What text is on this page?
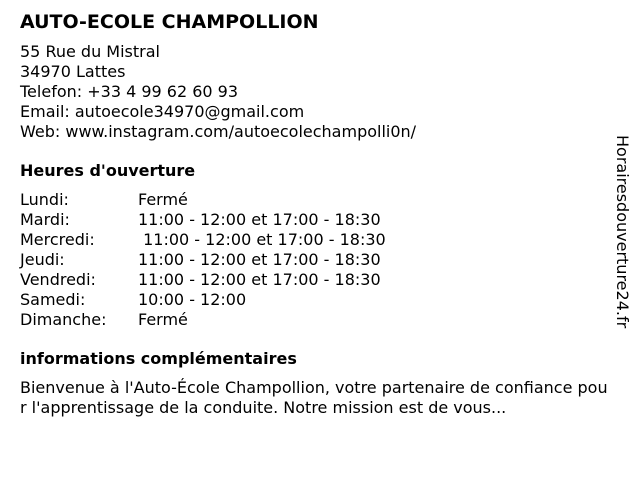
AUTO-ECOLE CHAMPOLLION
55 Rue du Mistral
34970 Lattes
Telefon: +33 4 99 62 60 93
Email: autoecole34970@gmail.com
Web: www.instagram.com/autoecolechampolli0n/
Heures d'ouverture
Lundi:	Fermé
Mardi:	11:00 - 12:00 et 17:00 - 18:30
Mercredi:	11:00 - 12:00 et 17:00 - 18:30
Jeudi:	11:00 - 12:00 et 17:00 - 18:30
Vendredi:	11:00 - 12:00 et 17:00 - 18:30
Samedi:	10:00 - 12:00
Dimanche:	Fermé
informations complémentaires
Bienvenue à l'Auto-École Champollion, votre partenaire de confiance pour l'apprentissage de la conduite. Notre mission est de vous...
Horairesdouverture24.fr
